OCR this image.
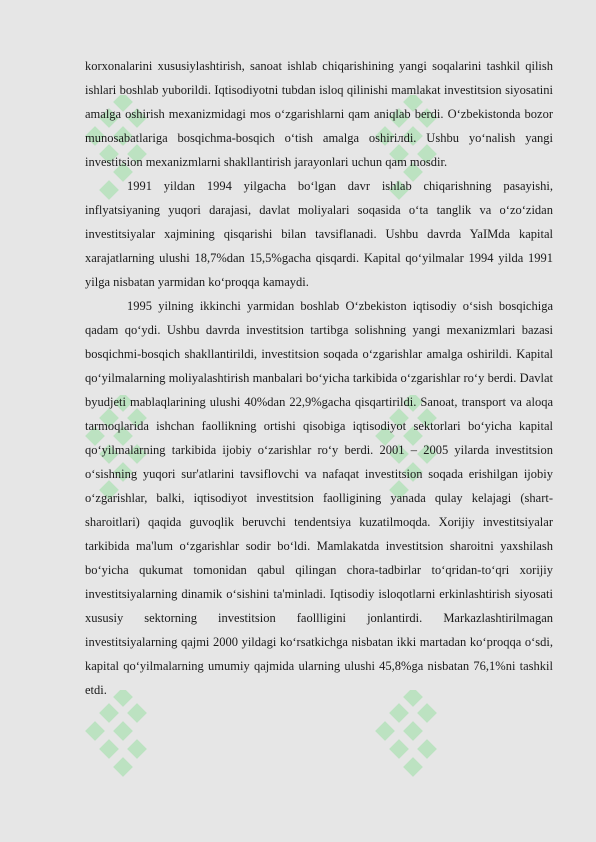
korxonalarini xususiylashtirish, sanoat ishlab chiqarishining yangi soqalarini tashkil qilish ishlari boshlab yuborildi. Iqtisodiyotni tubdan isloq qilinishi mamlakat investitsion siyosatini amalga oshirish mexanizmidagi mos o‘zgarishlarni qam aniqlab berdi. O‘zbekistonda bozor munosabatlariga bosqichma-bosqich o‘tish amalga oshiriлdi. Ushbu yo‘nalish yangi investitsion mexanizmlarni shakllantirish jarayonlari uchun qam mosdir.

1991 yildan 1994 yilgacha bo‘lgan davr ishlab chiqarishning pasayishi, inflyatsiyaning yuqori darajasi, davlat moliyalari soqasida o‘ta tanglik va o‘zo‘zidan investitsiyalar xajmining qisqarishi bilan tavsiflanadi. Ushbu davrda YaIMda kapital xarajatlarning ulushi 18,7%dan 15,5%gacha qisqardi. Kapital qo‘yilmalar 1994 yilda 1991 yilga nisbatan yarmidan ko‘proqqa kamaydi.

1995 yilning ikkinchi yarmidan boshlab O‘zbekiston iqtisodiy o‘sish bosqichiga qadam qo‘ydi. Ushbu davrda investitsion tartibga solishning yangi mexanizmlari bazasi bosqichmi-bosqich shakllantirildi, investitsion soqada o‘zgarishlar amalga oshirildi. Kapital qo‘yilmalarning moliyalashtirish manbalari bo‘yicha tarkibida o‘zgarishlar ro‘y berdi. Davlat byudjeti mablaqlarining ulushi 40%dan 22,9%gacha qisqartirildi. Sanoat, transport va aloqa tarmoqlarida ishchan faollikning ortishi qisobiga iqtisodiyot sektorlari bo‘yicha kapital qo‘yilmalarning tarkibida ijobiy o‘zarishlar ro‘y berdi. 2001 – 2005 yilarda investitsion o‘sishning yuqori sur'atlarini tavsiflovchi va nafaqat investitsion soqada erishilgan ijobiy o‘zgarishlar, balki, iqtisodiyot investitsion faolligining yanada qulay kelajagi (shart-sharoitlari) qaqida guvoqlik beruvchi tendentsiya kuzatilmoqda. Xorijiy investitsiyalar tarkibida ma'lum o‘zgarishlar sodir bo‘ldi. Mamlakatda investitsion sharoitni yaxshilash bo‘yicha qukumat tomonidan qabul qilingan chora-tadbirlar to‘qridan-to‘qri xorijiy investitsiyalarning dinamik o‘sishini ta'minladi. Iqtisodiy isloqotlarni erkinlashtirish siyosati xususiy sektorning investitsion faollligini jonlantirdi. Markazlashtirilmagan investitsiyalarning qajmi 2000 yildagi ko‘rsatkichga nisbatan ikki martadan ko‘proqqa o‘sdi, kapital qo‘yilmalarning umumiy qajmida ularning ulushi 45,8%ga nisbatan 76,1%ni tashkil etdi.
